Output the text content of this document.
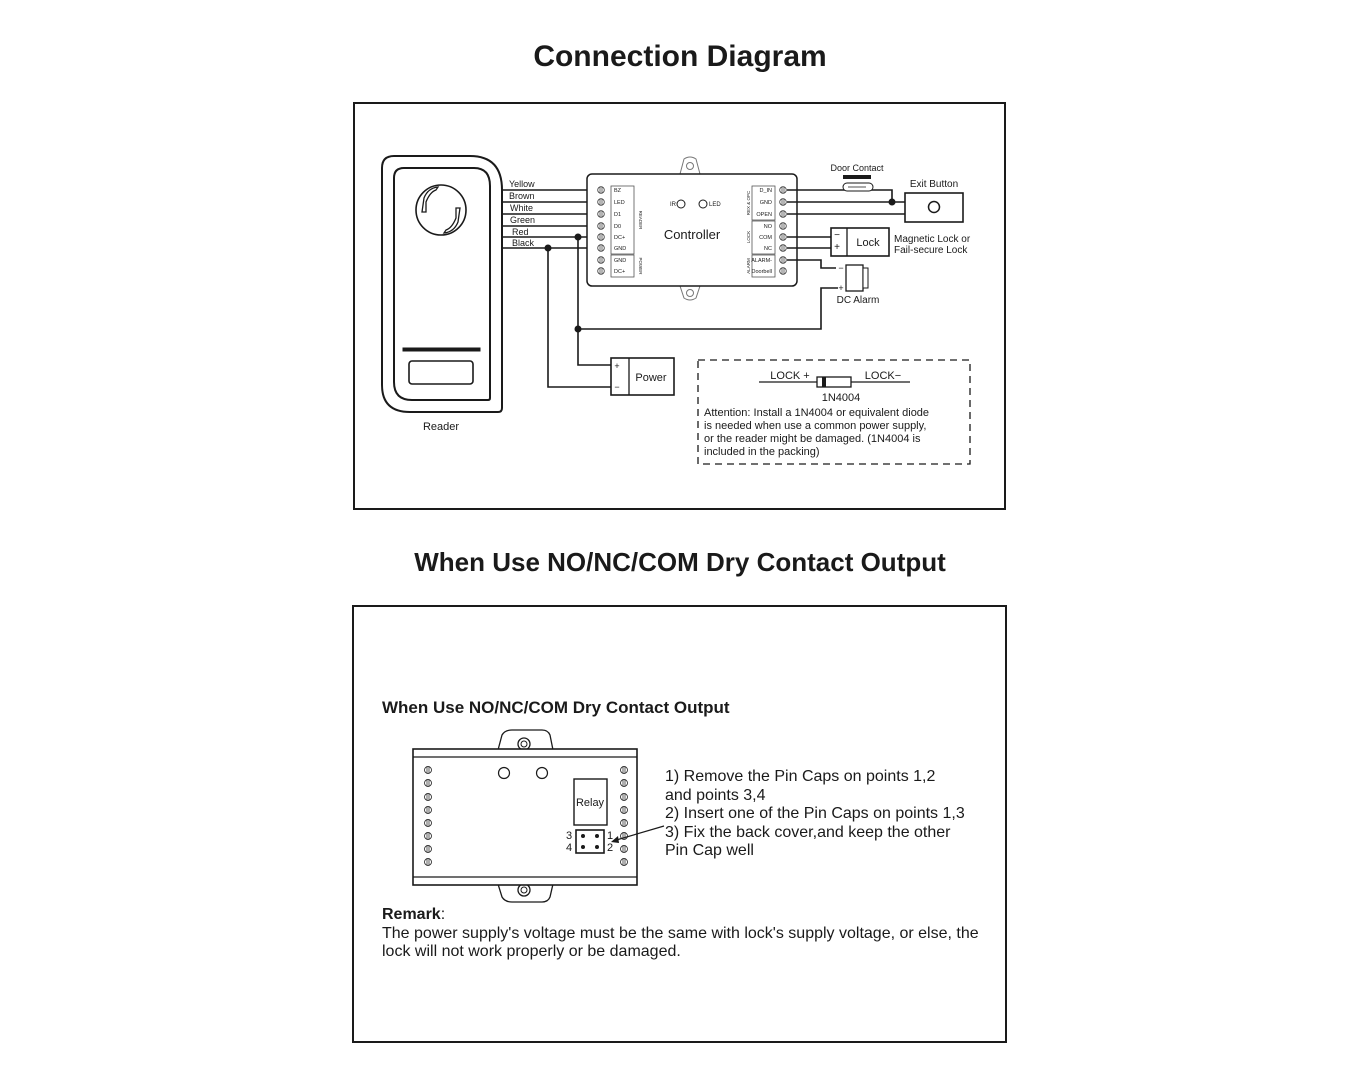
Connection Diagram
Yellow
Brown
White
Green
Red
Black
BZ
LED
D1
D0
DC+
GND
GND
DC+
D_IN
GND
OPEN
NO
COM
NC
ALARM-
Doorbell
READER
POWER
REX & OPC
LOCK
ALARM
IR	LED
Controller
Door Contact
Exit Button
−
+ Lock Magnetic Lock or
Fail-secure Lock
−
+
DC Alarm
+
−
Power
Reader
LOCK +	LOCK−
1N4004
Attention: Install a 1N4004 or equivalent diode
is needed when use a common power supply,
or the reader might be damaged. (1N4004 is
included in the packing)
Relay
3
4
1
2
When Use NO/NC/COM Dry Contact Output
When Use NO/NC/COM Dry Contact Output
1) Remove the Pin Caps on points 1,2
and points 3,4
2) Insert one of the Pin Caps on points 1,3
3) Fix the back cover,and keep the other
Pin Cap well
Remark:
The power supply's voltage must be the same with lock's supply voltage, or else, the lock will not work properly or be damaged.
